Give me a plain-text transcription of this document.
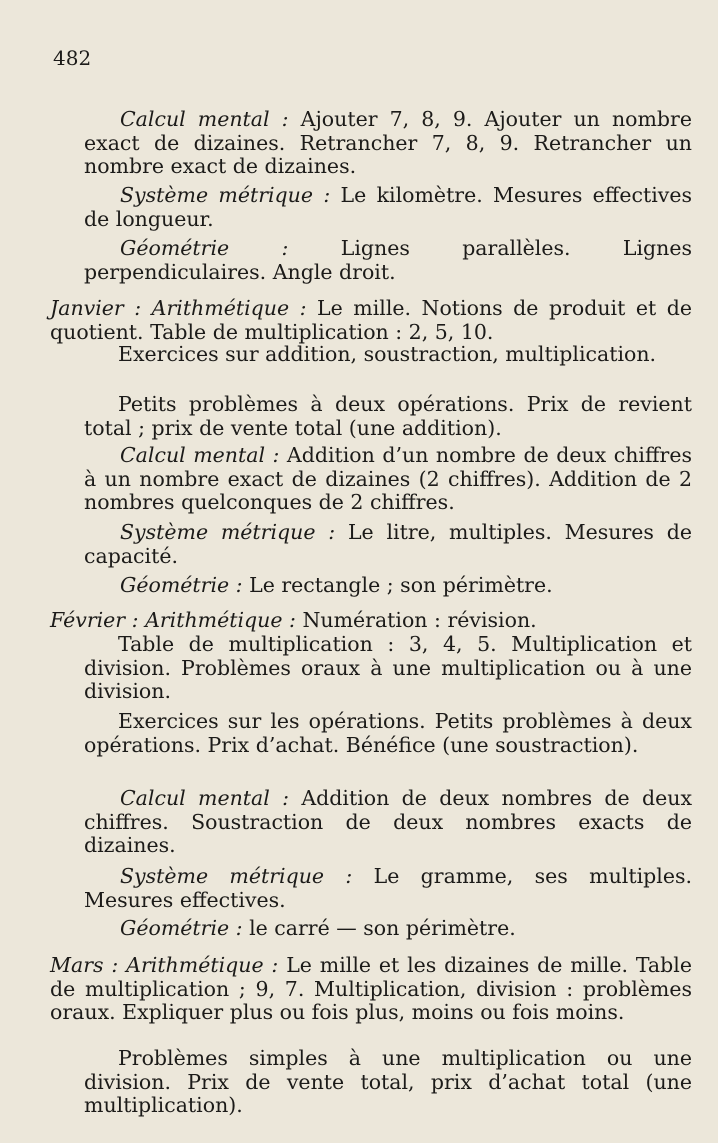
482
Calcul mental : Ajouter 7, 8, 9. Ajouter un nombre exact de dizaines. Retrancher 7, 8, 9. Retrancher un nombre exact de dizaines.
Système métrique : Le kilomètre. Mesures effectives de longueur.
Géométrie : Lignes parallèles. Lignes perpendiculaires. Angle droit.
Janvier : Arithmétique : Le mille. Notions de produit et de quotient. Table de multiplication : 2, 5, 10.
Exercices sur addition, soustraction, multiplication.
Petits problèmes à deux opérations. Prix de revient total ; prix de vente total (une addition).
Calcul mental : Addition d’un nombre de deux chiffres à un nombre exact de dizaines (2 chiffres). Addition de 2 nombres quelconques de 2 chiffres.
Système métrique : Le litre, multiples. Mesures de capacité.
Géométrie : Le rectangle ; son périmètre.
Février : Arithmétique : Numération : révision.
Table de multiplication : 3, 4, 5. Multiplication et division. Problèmes oraux à une multiplication ou à une division.
Exercices sur les opérations. Petits problèmes à deux opérations. Prix d’achat. Bénéfice (une soustraction).
Calcul mental : Addition de deux nombres de deux chiffres. Soustraction de deux nombres exacts de dizaines.
Système métrique : Le gramme, ses multiples. Mesures effectives.
Géométrie : le carré — son périmètre.
Mars : Arithmétique : Le mille et les dizaines de mille. Table de multiplication ; 9, 7. Multiplication, division : problèmes oraux. Expliquer plus ou fois plus, moins ou fois moins.
Problèmes simples à une multiplication ou une division. Prix de vente total, prix d’achat total (une multiplication).
